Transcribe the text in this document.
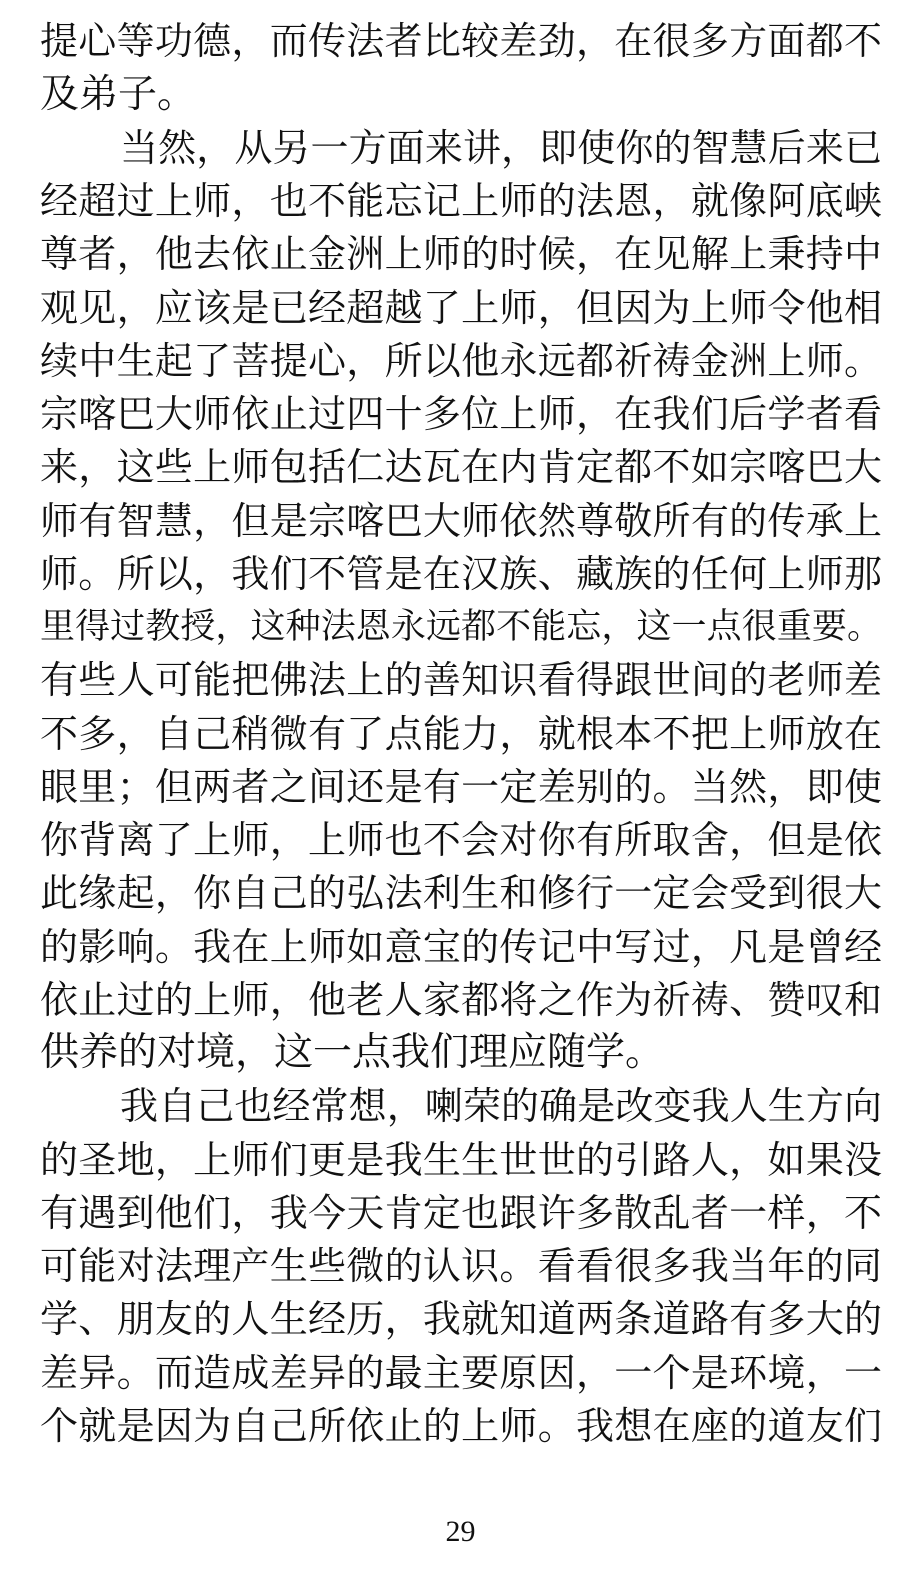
提心等功德，而传法者比较差劲，在很多方面都不
及弟子。
当然，从另一方面来讲，即使你的智慧后来已
经超过上师，也不能忘记上师的法恩，就像阿底峡
尊者，他去依止金洲上师的时候，在见解上秉持中
观见，应该是已经超越了上师，但因为上师令他相
续中生起了菩提心，所以他永远都祈祷金洲上师。
宗喀巴大师依止过四十多位上师，在我们后学者看
来，这些上师包括仁达瓦在内肯定都不如宗喀巴大
师有智慧，但是宗喀巴大师依然尊敬所有的传承上
师。所以，我们不管是在汉族、藏族的任何上师那
里得过教授，这种法恩永远都不能忘，这一点很重要。
有些人可能把佛法上的善知识看得跟世间的老师差
不多，自己稍微有了点能力，就根本不把上师放在
眼里；但两者之间还是有一定差别的。当然，即使
你背离了上师，上师也不会对你有所取舍，但是依
此缘起，你自己的弘法利生和修行一定会受到很大
的影响。我在上师如意宝的传记中写过，凡是曾经
依止过的上师，他老人家都将之作为祈祷、赞叹和
供养的对境，这一点我们理应随学。
我自己也经常想，喇荣的确是改变我人生方向
的圣地，上师们更是我生生世世的引路人，如果没
有遇到他们，我今天肯定也跟许多散乱者一样，不
可能对法理产生些微的认识。看看很多我当年的同
学、朋友的人生经历，我就知道两条道路有多大的
差异。而造成差异的最主要原因，一个是环境，一
个就是因为自己所依止的上师。我想在座的道友们
29
